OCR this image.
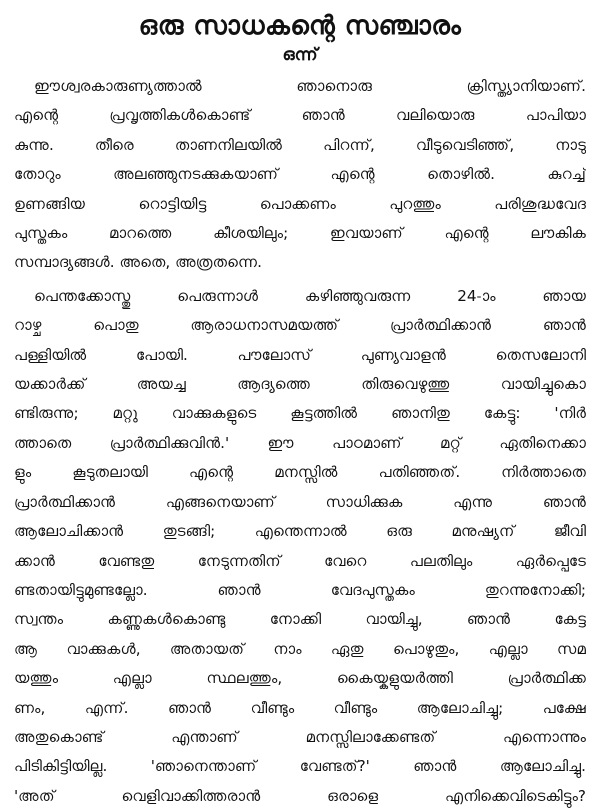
ഒരു സാധകന്റെ സഞ്ചാരം
ഒന്ന്
ഈശ്വരകാരുണ്യത്താൽ ഞാനൊരു ക്രിസ്ത്യാനിയാണ്.
എന്റെ പ്രവൃത്തികൾകൊണ്ട് ഞാൻ വലിയൊരു പാപിയാ
കുന്നു. തീരെ താണനിലയിൽ പിറന്ന്, വീടുവെടിഞ്ഞ്, നാടു
തോറും അലഞ്ഞുനടക്കുകയാണ് എന്റെ തൊഴിൽ. കുറച്ച്
ഉണങ്ങിയ റൊട്ടിയിട്ട പൊക്കണം പുറത്തും പരിശുദ്ധവേദ
പുസ്തകം മാറത്തെ കീശയിലും; ഇവയാണ് എന്റെ ലൗകിക
സമ്പാദ്യങ്ങൾ. അതെ, അത്രതന്നെ.
പെന്തക്കോസ്തു പെരുന്നാൾ കഴിഞ്ഞുവരുന്ന 24-ാം ഞായ
റാഴ്ച പൊതു ആരാധനാസമയത്ത് പ്രാർത്ഥിക്കാൻ ഞാൻ
പള്ളിയിൽ പോയി. പൗലോസ് പുണ്യവാളൻ തെസലോനി
യക്കാർക്ക് അയച്ച ആദ്യത്തെ തിരുവെഴുത്തു വായിച്ചുകൊ
ണ്ടിരുന്നു; മറ്റു വാക്കുകളുടെ കൂട്ടത്തിൽ ഞാനിതു കേട്ടു: 'നിർ
ത്താതെ പ്രാർത്ഥിക്കുവിൻ.' ഈ പാഠമാണ് മറ്റ് ഏതിനെക്കാ
ളും കൂടുതലായി എന്റെ മനസ്സിൽ പതിഞ്ഞത്. നിർത്താതെ
പ്രാർത്ഥിക്കാൻ എങ്ങനെയാണ് സാധിക്കുക എന്നു ഞാൻ
ആലോചിക്കാൻ തുടങ്ങി; എന്തെന്നാൽ ഒരു മനുഷ്യന് ജീവി
ക്കാൻ വേണ്ടതു നേടുന്നതിന് വേറെ പലതിലും ഏർപ്പെടേ
ണ്ടതായിട്ടുമുണ്ടല്ലോ. ഞാൻ വേദപുസ്തകം തുറന്നുനോക്കി;
സ്വന്തം കണ്ണുകൾകൊണ്ടു നോക്കി വായിച്ചു, ഞാൻ കേട്ട
ആ വാക്കുകൾ, അതായത് നാം ഏതു പൊഴുതും, എല്ലാ സമ
യത്തും എല്ലാ സ്ഥലത്തും, കൈയ്കളുയർത്തി പ്രാർത്ഥിക്ക
ണം, എന്ന്. ഞാൻ വീണ്ടും വീണ്ടും ആലോചിച്ചു; പക്ഷേ
അതുകൊണ്ട് എന്താണ് മനസ്സിലാക്കേണ്ടത് എന്നൊന്നും
പിടികിട്ടിയില്ല. 'ഞാനെന്താണ് വേണ്ടത്?' ഞാൻ ആലോചിച്ചു.
'അത് വെളിവാക്കിത്തരാൻ ഒരാളെ എനിക്കെവിടെകിട്ടും?
